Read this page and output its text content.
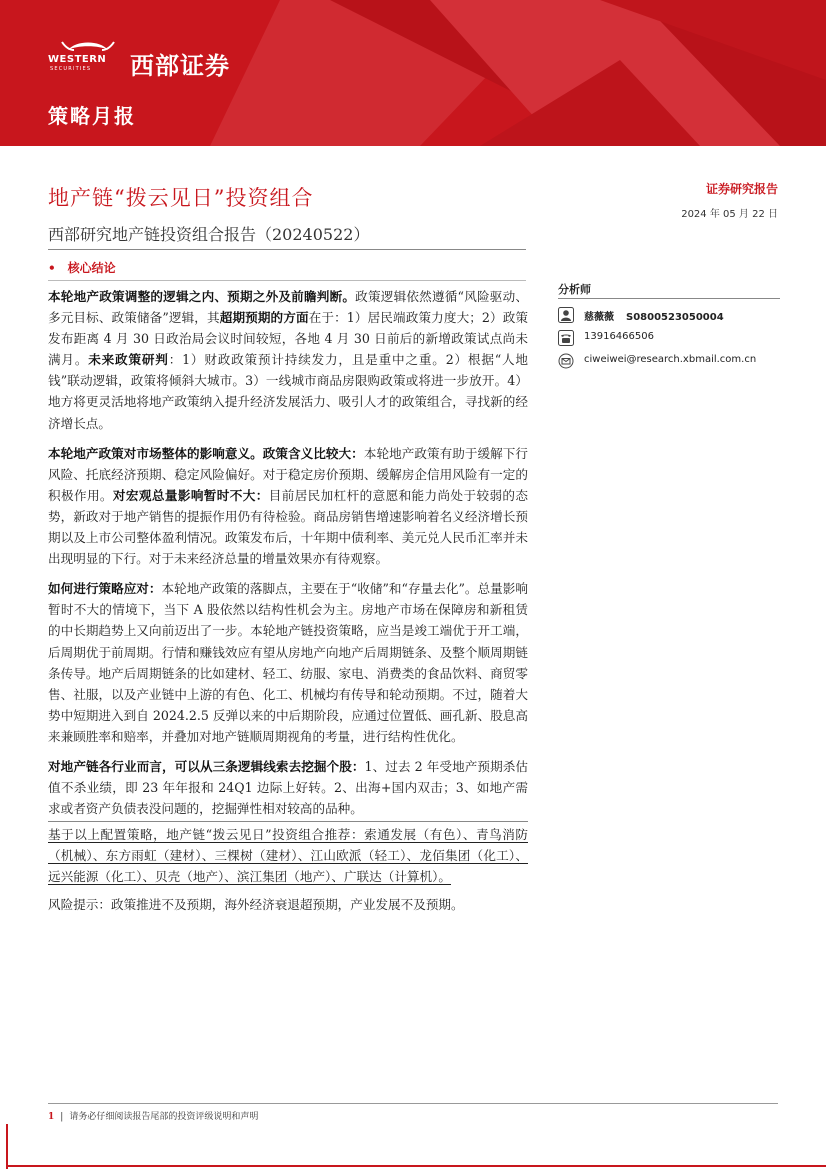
WESTERN
SECURITIES 西部证券
策略月报
地产链“拨云见日”投资组合
西部研究地产链投资组合报告（20240522）
证券研究报告
2024 年 05 月 22 日
• 核心结论

本轮地产政策调整的逻辑之内、预期之外及前瞻判断。政策逻辑依然遵循“风险驱动、多元目标、政策储备”逻辑，其超期预期的方面在于：1）居民端政策力度大；2）政策发布距离 4 月 30 日政治局会议时间较短，各地 4 月 30 日前后的新增政策试点尚未满月。未来政策研判：1）财政政策预计持续发力，且是重中之重。2）根据“人地钱”联动逻辑，政策将倾斜大城市。3）一线城市商品房限购政策或将进一步放开。4）地方将更灵活地将地产政策纳入提升经济发展活力、吸引人才的政策组合，寻找新的经济增长点。

本轮地产政策对市场整体的影响意义。政策含义比较大：本轮地产政策有助于缓解下行风险、托底经济预期、稳定风险偏好。对于稳定房价预期、缓解房企信用风险有一定的积极作用。对宏观总量影响暂时不大：目前居民加杠杆的意愿和能力尚处于较弱的态势，新政对于地产销售的提振作用仍有待检验。商品房销售增速影响着名义经济增长预期以及上市公司整体盈利情况。政策发布后，十年期中债利率、美元兑人民币汇率并未出现明显的下行。对于未来经济总量的增量效果亦有待观察。

如何进行策略应对：本轮地产政策的落脚点，主要在于“收储”和“存量去化”。总量影响暂时不大的情境下，当下 A 股依然以结构性机会为主。房地产市场在保障房和新租赁的中长期趋势上又向前迈出了一步。本轮地产链投资策略，应当是竣工端优于开工端，后周期优于前周期。行情和赚钱效应有望从房地产向地产后周期链条、及整个顺周期链条传导。地产后周期链条的比如建材、轻工、纺服、家电、消费类的食品饮料、商贸零售、社服，以及产业链中上游的有色、化工、机械均有传导和轮动预期。不过，随着大势中短期进入到自 2024.2.5 反弹以来的中后期阶段，应通过位置低、画孔新、股息高来兼顾胜率和赔率，并叠加对地产链顺周期视角的考量，进行结构性优化。

对地产链各行业而言，可以从三条逻辑线索去挖掘个股：1、过去 2 年受地产预期杀估值不杀业绩，即 23 年年报和 24Q1 边际上好转。2、出海+国内双击；3、如地产需求或者资产负债表没问题的，挖掘弹性相对较高的品种。

基于以上配置策略，地产链“拨云见日”投资组合推荐：索通发展（有色）、青鸟消防（机械）、东方雨虹（建材）、三棵树（建材）、江山欧派（轻工）、龙佰集团（化工）、远兴能源（化工）、贝壳（地产）、滨江集团（地产）、广联达（计算机）。

风险提示：政策推进不及预期，海外经济衰退超预期，产业发展不及预期。

分析师
慈薇薇 S0800523050004
13916466506
ciweiwei@research.xbmail.com.cn
1 | 请务必仔细阅读报告尾部的投资评级说明和声明
